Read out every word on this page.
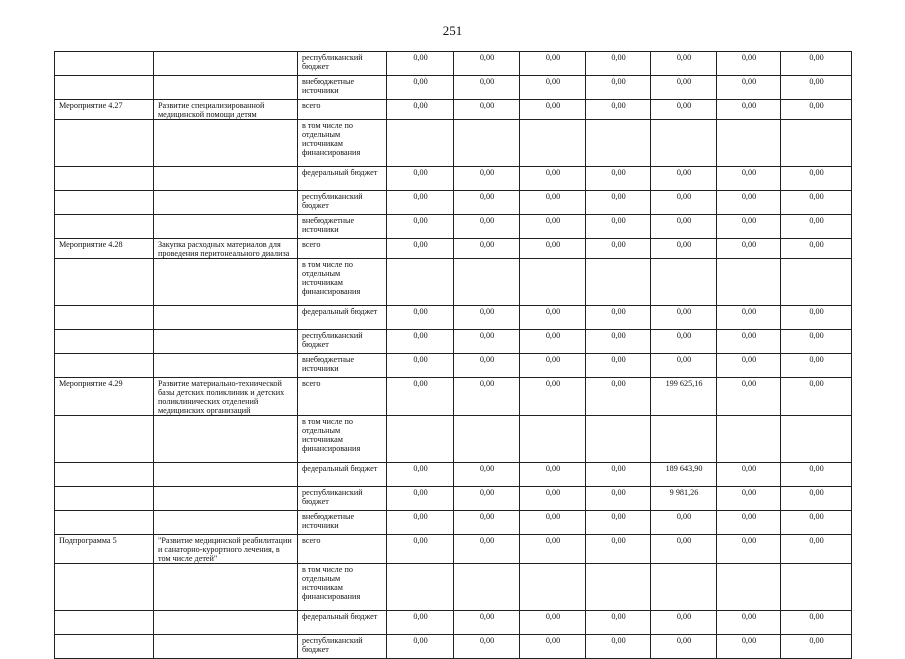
251
		республиканский бюджет	0,00	0,00	0,00	0,00	0,00	0,00	0,00
		внебюджетные источники	0,00	0,00	0,00	0,00	0,00	0,00	0,00
Мероприятие 4.27	Развитие специализированной медицинской помощи детям	всего	0,00	0,00	0,00	0,00	0,00	0,00	0,00
		в том числе по отдельным источникам финансирования							
		федеральный бюджет	0,00	0,00	0,00	0,00	0,00	0,00	0,00
		республиканский бюджет	0,00	0,00	0,00	0,00	0,00	0,00	0,00
		внебюджетные источники	0,00	0,00	0,00	0,00	0,00	0,00	0,00
Мероприятие 4.28	Закупка расходных материалов для проведения перитонеального диализа	всего	0,00	0,00	0,00	0,00	0,00	0,00	0,00
		в том числе по отдельным источникам финансирования							
		федеральный бюджет	0,00	0,00	0,00	0,00	0,00	0,00	0,00
		республиканский бюджет	0,00	0,00	0,00	0,00	0,00	0,00	0,00
		внебюджетные источники	0,00	0,00	0,00	0,00	0,00	0,00	0,00
Мероприятие 4.29	Развитие материально-технической базы детских поликлиник и детских поликлинических отделений медицинских организаций	всего	0,00	0,00	0,00	0,00	199 625,16	0,00	0,00
		в том числе по отдельным источникам финансирования							
		федеральный бюджет	0,00	0,00	0,00	0,00	189 643,90	0,00	0,00
		республиканский бюджет	0,00	0,00	0,00	0,00	9 981,26	0,00	0,00
		внебюджетные источники	0,00	0,00	0,00	0,00	0,00	0,00	0,00
Подпрограмма 5	"Развитие медицинской реабилитации и санаторно-курортного лечения, в том числе детей"	всего	0,00	0,00	0,00	0,00	0,00	0,00	0,00
		в том числе по отдельным источникам финансирования							
		федеральный бюджет	0,00	0,00	0,00	0,00	0,00	0,00	0,00
		республиканский бюджет	0,00	0,00	0,00	0,00	0,00	0,00	0,00
